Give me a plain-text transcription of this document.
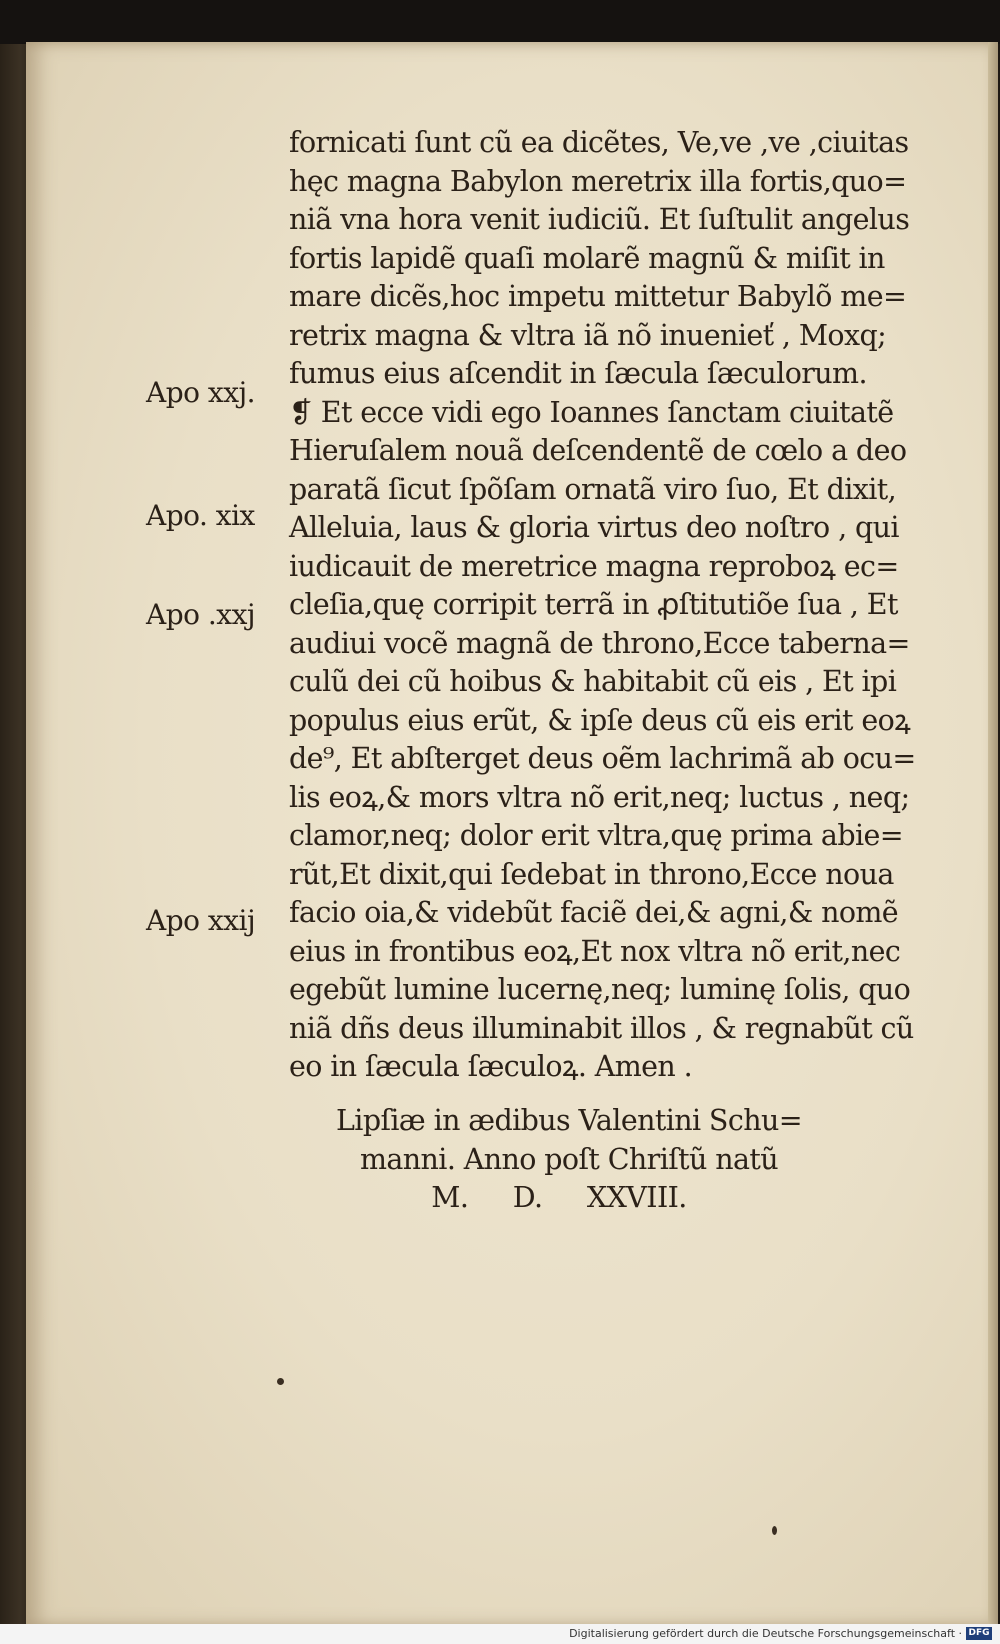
fornicati ſunt cũ ea dicẽtes, Ve,ve ,ve ,ciuitas
hęc magna Babylon meretrix illa fortis,quo=
niã vna hora venit iudiciũ. Et ſuſtulit angelus
fortis lapidẽ quaſi molarẽ magnũ & miſit in
mare dicẽs,hoc impetu mittetur Babylõ me=
retrix magna & vltra iã nõ inuenieť , Moxq;
fumus eius aſcendit in ſæcula ſæculorum.
❡ Et ecce vidi ego Ioannes ſanctam ciuitatẽ
Hieruſalem nouã deſcendentẽ de cœlo a deo
paratã ſicut ſpõſam ornatã viro ſuo, Et dixit,
Alleluia, laus & gloria virtus deo noſtro , qui
iudicauit de meretrice magna reproboꝝ ec=
cleſia,quę corripit terrã in ꝓſtitutiõe ſua , Et
audiui vocẽ magnã de throno,Ecce taberna=
culũ dei cũ hoibus & habitabit cũ eis , Et ipi
populus eius erũt, & ipſe deus cũ eis erit eoꝝ
de⁹, Et abſterget deus oẽm lachrimã ab ocu=
lis eoꝝ,& mors vltra nõ erit,neq; luctus , neq;
clamor,neq; dolor erit vltra,quę prima abie=
rũt,Et dixit,qui ſedebat in throno,Ecce noua
facio oia,& videbũt faciẽ dei,& agni,& nomẽ
eius in frontibus eoꝝ,Et nox vltra nõ erit,nec
egebũt lumine lucernę,neq; luminę ſolis, quo
niã dñs deus illuminabit illos , & regnabũt cũ
eo in ſæcula ſæculoꝝ. Amen .
Lipſiæ in ædibus Valentini Schu=
manni. Anno poſt Chriſtũ natũ
M. D. XXVIII.
Apo xxj.
Apo. xix
Apo .xxj
Apo xxij
Digitalisierung gefördert durch die Deutsche Forschungsgemeinschaft · DFG
